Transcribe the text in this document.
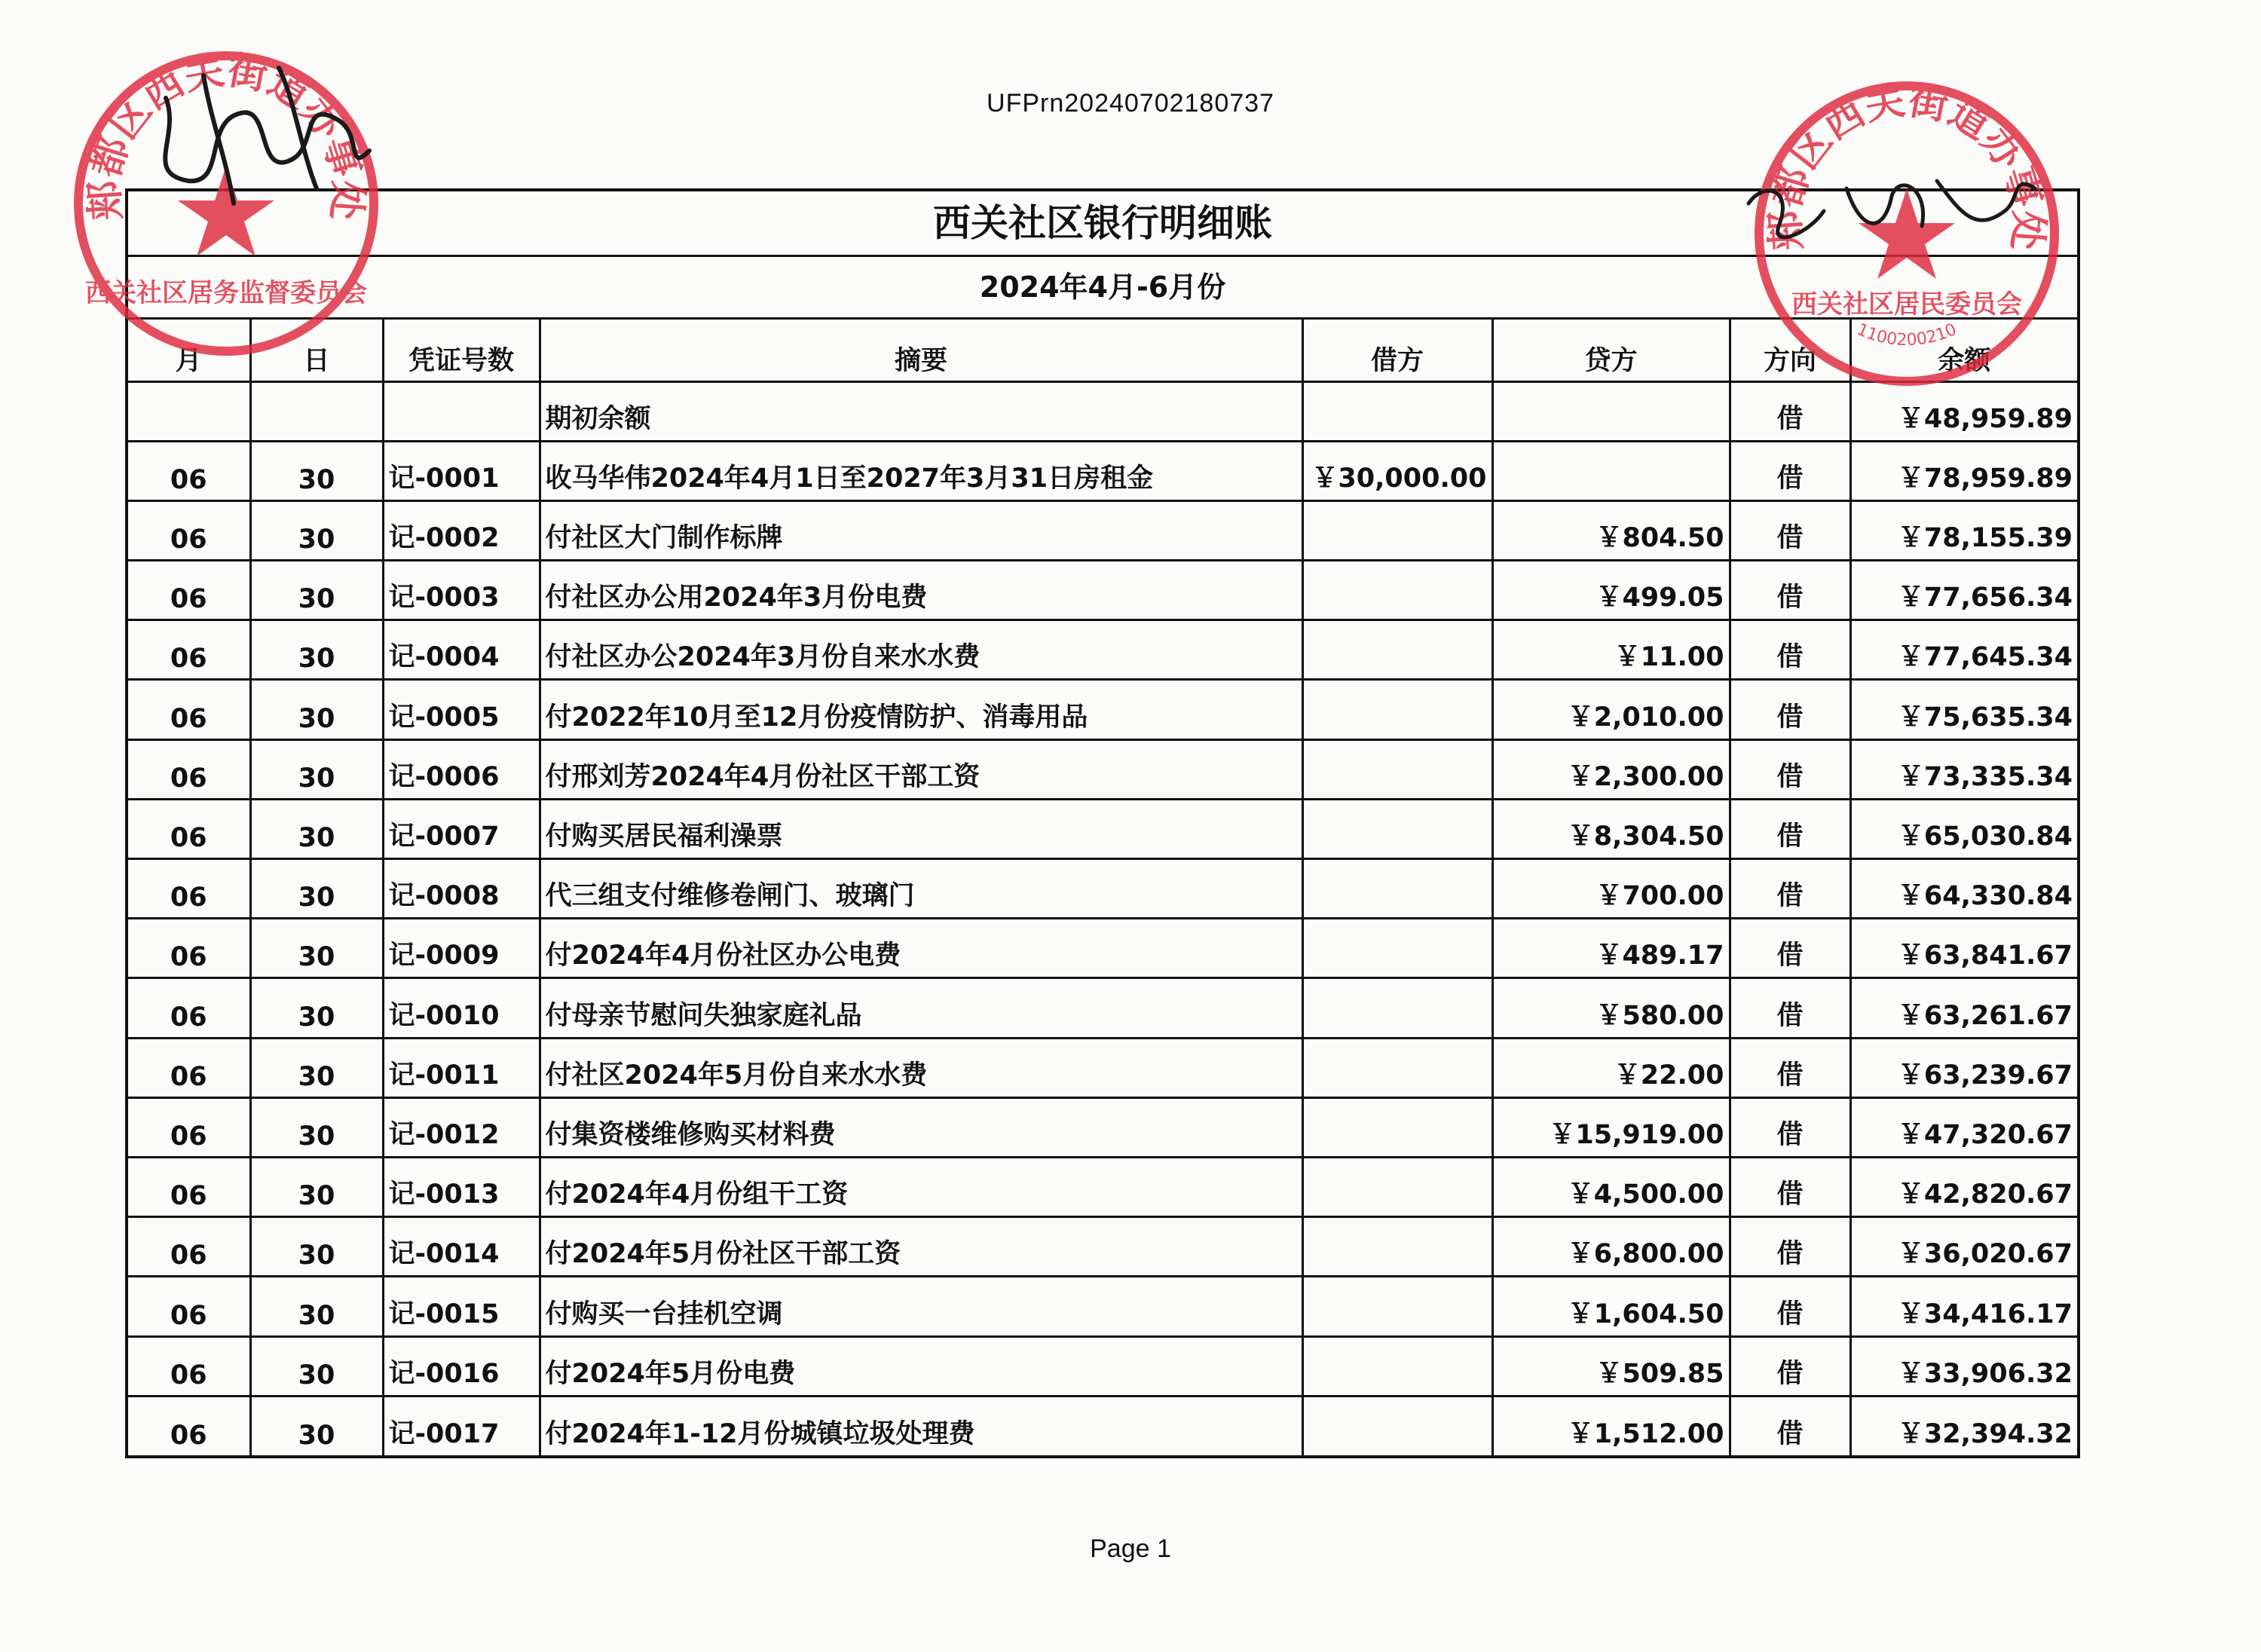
UFPrn20240702180737
西关社区银行明细账
2024年4月-6月份
月	日	凭证号数	摘要	借方	贷方	方向	余额
			期初余额			借	￥48,959.89
06	30	记-0001	收马华伟2024年4月1日至2027年3月31日房租金	￥30,000.00		借	￥78,959.89
06	30	记-0002	付社区大门制作标牌		￥804.50	借	￥78,155.39
06	30	记-0003	付社区办公用2024年3月份电费		￥499.05	借	￥77,656.34
06	30	记-0004	付社区办公2024年3月份自来水水费		￥11.00	借	￥77,645.34
06	30	记-0005	付2022年10月至12月份疫情防护、消毒用品		￥2,010.00	借	￥75,635.34
06	30	记-0006	付邢刘芳2024年4月份社区干部工资		￥2,300.00	借	￥73,335.34
06	30	记-0007	付购买居民福利澡票		￥8,304.50	借	￥65,030.84
06	30	记-0008	代三组支付维修卷闸门、玻璃门		￥700.00	借	￥64,330.84
06	30	记-0009	付2024年4月份社区办公电费		￥489.17	借	￥63,841.67
06	30	记-0010	付母亲节慰问失独家庭礼品		￥580.00	借	￥63,261.67
06	30	记-0011	付社区2024年5月份自来水水费		￥22.00	借	￥63,239.67
06	30	记-0012	付集资楼维修购买材料费		￥15,919.00	借	￥47,320.67
06	30	记-0013	付2024年4月份组干工资		￥4,500.00	借	￥42,820.67
06	30	记-0014	付2024年5月份社区干部工资		￥6,800.00	借	￥36,020.67
06	30	记-0015	付购买一台挂机空调		￥1,604.50	借	￥34,416.17
06	30	记-0016	付2024年5月份电费		￥509.85	借	￥33,906.32
06	30	记-0017	付2024年1-12月份城镇垃圾处理费		￥1,512.00	借	￥32,394.32
Page 1
郏都区西关街道办事处
西关社区居务监督委员会
郏都区西关街道办事处
西关社区居民委员会
1100200210
